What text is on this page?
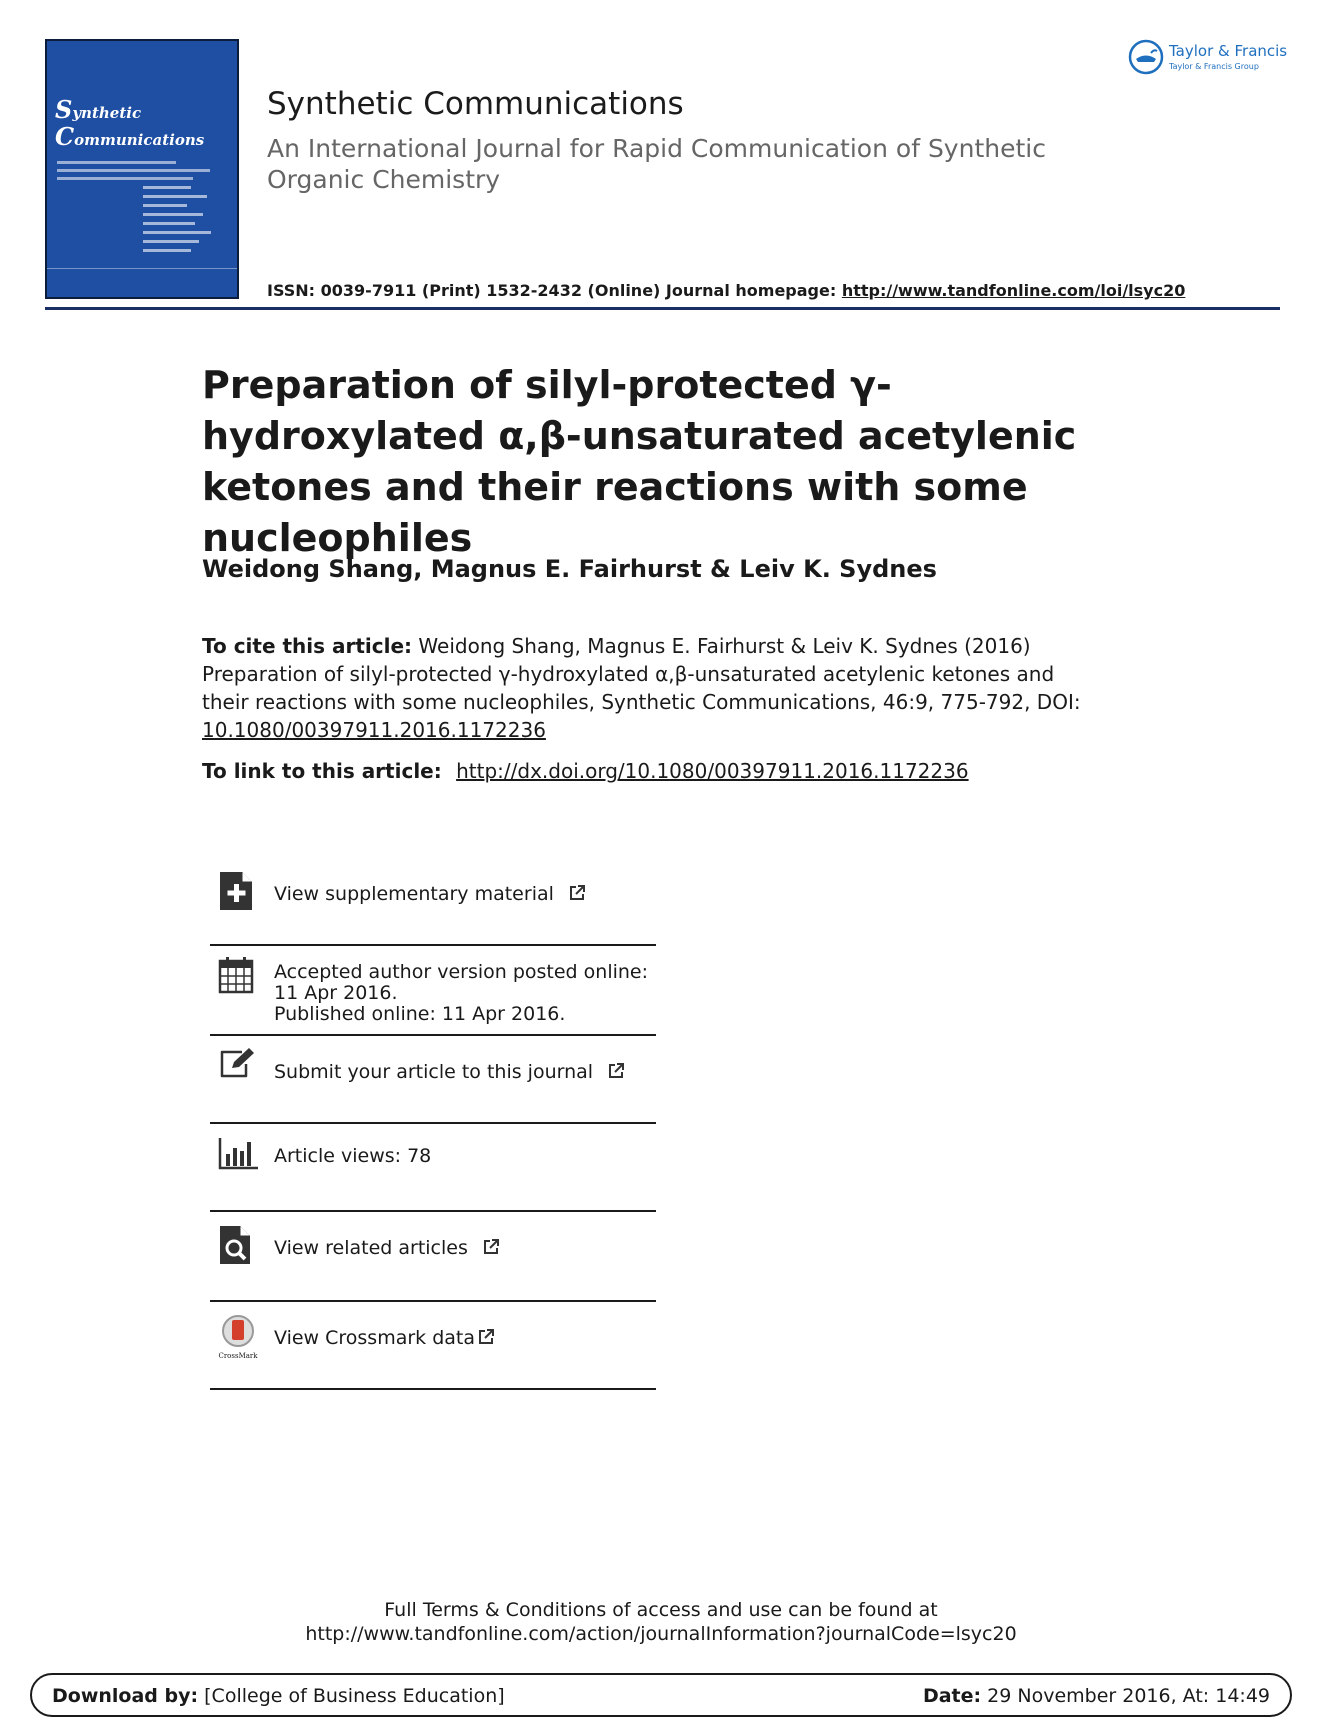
Synthetic
Communications
Synthetic Communications
An International Journal for Rapid Communication of Synthetic Organic Chemistry
ISSN: 0039-7911 (Print) 1532-2432 (Online) Journal homepage: http://www.tandfonline.com/loi/lsyc20
Taylor & Francis
Taylor & Francis Group
Preparation of silyl-protected γ-hydroxylated α,β-unsaturated acetylenic ketones and their reactions with some nucleophiles
Weidong Shang, Magnus E. Fairhurst & Leiv K. Sydnes
To cite this article: Weidong Shang, Magnus E. Fairhurst & Leiv K. Sydnes (2016) Preparation of silyl-protected γ-hydroxylated α,β-unsaturated acetylenic ketones and their reactions with some nucleophiles, Synthetic Communications, 46:9, 775-792, DOI: 10.1080/00397911.2016.1172236
To link to this article: http://dx.doi.org/10.1080/00397911.2016.1172236
View supplementary material
Accepted author version posted online: 11 Apr 2016.
Published online: 11 Apr 2016.
Submit your article to this journal
Article views: 78
View related articles
CrossMark
View Crossmark data
Full Terms & Conditions of access and use can be found at
http://www.tandfonline.com/action/journalInformation?journalCode=lsyc20
Download by: [College of Business Education]	Date: 29 November 2016, At: 14:49
